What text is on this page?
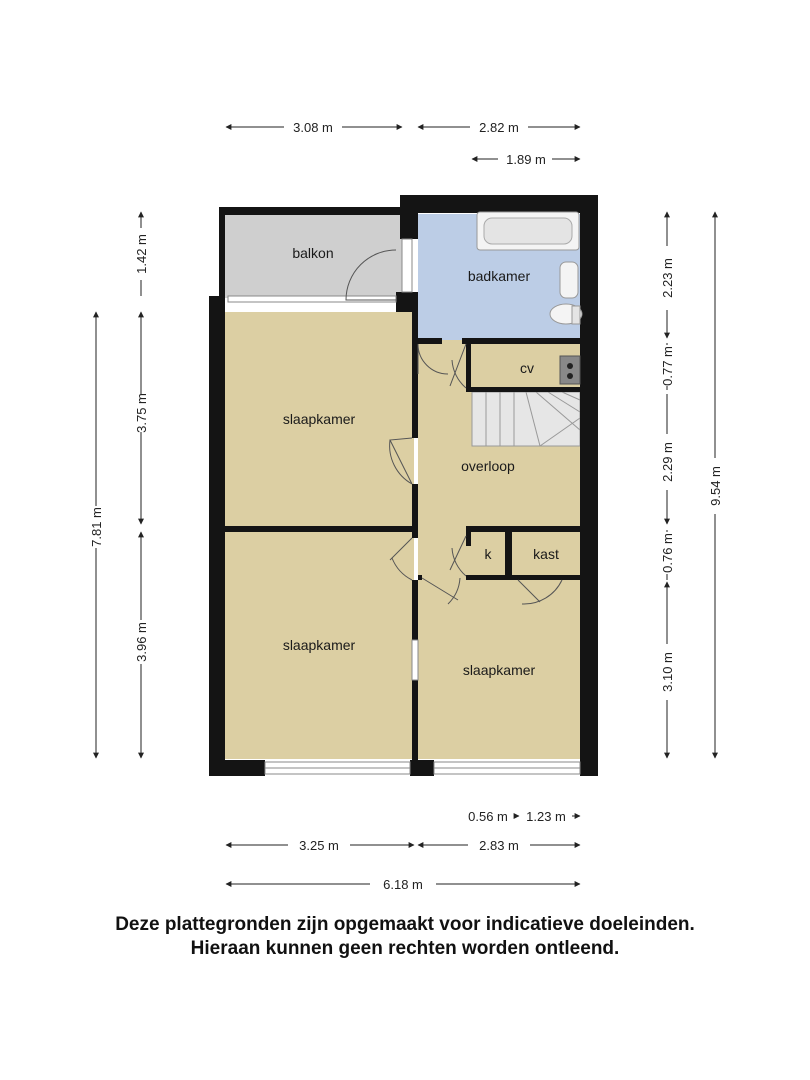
balkon
badkamer
cv
slaapkamer
overloop
k	kast
slaapkamer
slaapkamer
3.08 m	2.82 m
1.89 m
1.42 m
7.81 m
3.75 m
3.96 m
2.23 m
0.77 m
2.29 m
0.76 m
3.10 m
9.54 m
0.56 m 1.23 m
3.25 m	2.83 m
6.18 m
Deze plattegronden zijn opgemaakt voor indicatieve doeleinden.
Hieraan kunnen geen rechten worden ontleend.
